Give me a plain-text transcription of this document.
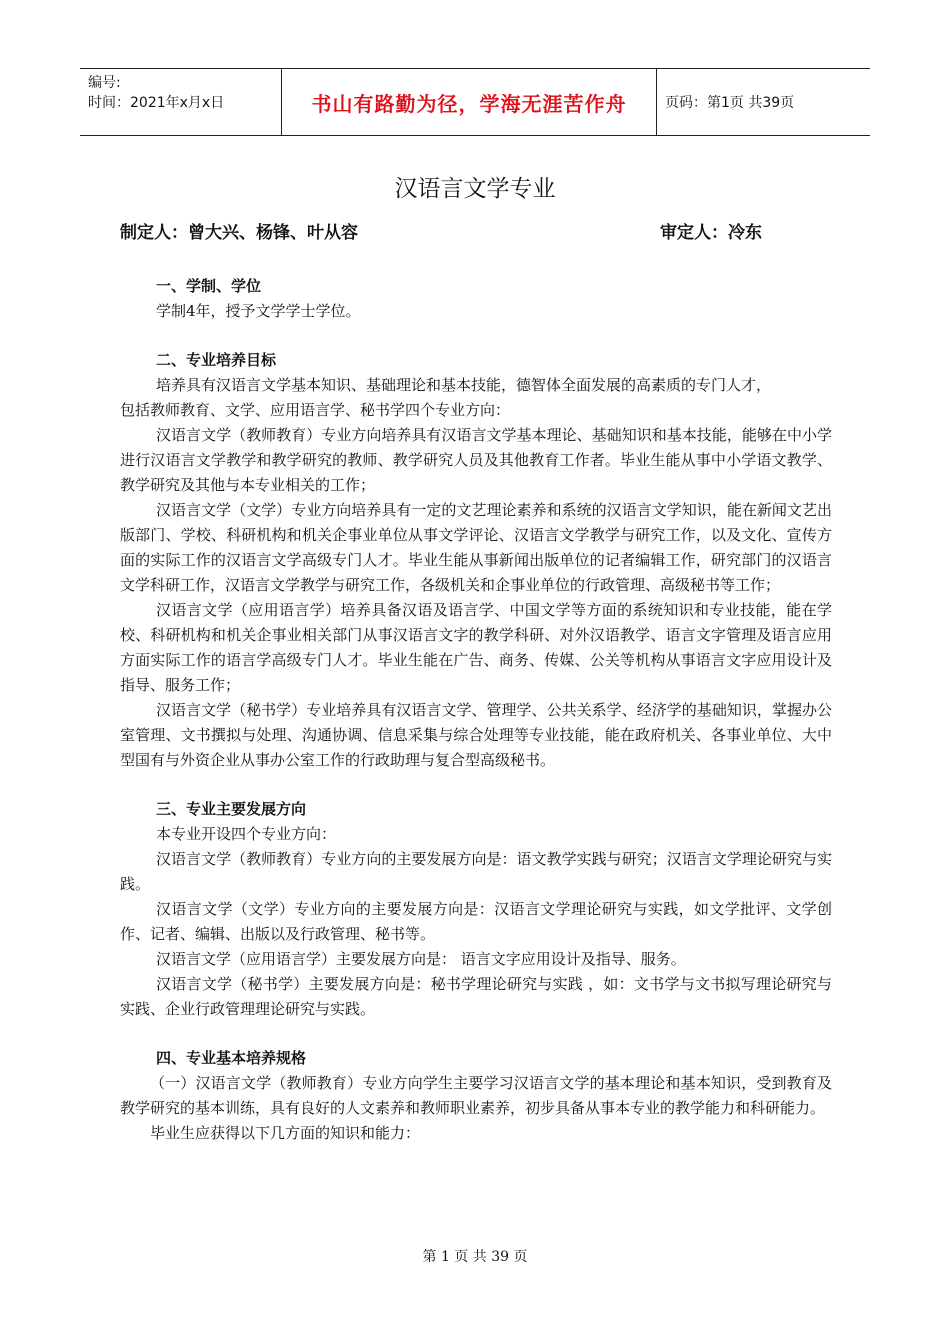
编号:
时间：2021年x月x日	书山有路勤为径，学海无涯苦作舟	页码：第1页 共39页
汉语言文学专业
制定人：曾大兴、杨锋、叶从容	审定人：冷东
一、学制、学位

学制4年，授予文学学士学位。

二、专业培养目标

培养具有汉语言文学基本知识、基础理论和基本技能，德智体全面发展的高素质的专门人才，

包括教师教育、文学、应用语言学、秘书学四个专业方向：

汉语言文学（教师教育）专业方向培养具有汉语言文学基本理论、基础知识和基本技能，能够在中小学进行汉语言文学教学和教学研究的教师、教学研究人员及其他教育工作者。毕业生能从事中小学语文教学、教学研究及其他与本专业相关的工作；

汉语言文学（文学）专业方向培养具有一定的文艺理论素养和系统的汉语言文学知识，能在新闻文艺出版部门、学校、科研机构和机关企事业单位从事文学评论、汉语言文学教学与研究工作，以及文化、宣传方面的实际工作的汉语言文学高级专门人才。毕业生能从事新闻出版单位的记者编辑工作，研究部门的汉语言文学科研工作，汉语言文学教学与研究工作，各级机关和企事业单位的行政管理、高级秘书等工作；

汉语言文学（应用语言学）培养具备汉语及语言学、中国文学等方面的系统知识和专业技能，能在学校、科研机构和机关企事业相关部门从事汉语言文字的教学科研、对外汉语教学、语言文字管理及语言应用方面实际工作的语言学高级专门人才。毕业生能在广告、商务、传媒、公关等机构从事语言文字应用设计及指导、服务工作；

汉语言文学（秘书学）专业培养具有汉语言文学、管理学、公共关系学、经济学的基础知识，掌握办公室管理、文书撰拟与处理、沟通协调、信息采集与综合处理等专业技能，能在政府机关、各事业单位、大中型国有与外资企业从事办公室工作的行政助理与复合型高级秘书。

三、专业主要发展方向

本专业开设四个专业方向：

汉语言文学（教师教育）专业方向的主要发展方向是：语文教学实践与研究；汉语言文学理论研究与实践。

汉语言文学（文学）专业方向的主要发展方向是：汉语言文学理论研究与实践，如文学批评、文学创作、记者、编辑、出版以及行政管理、秘书等。

汉语言文学（应用语言学）主要发展方向是： 语言文字应用设计及指导、服务。

汉语言文学（秘书学）主要发展方向是：秘书学理论研究与实践 ，如：文书学与文书拟写理论研究与实践、企业行政管理理论研究与实践。

四、专业基本培养规格

（一）汉语言文学（教师教育）专业方向学生主要学习汉语言文学的基本理论和基本知识，受到教育及教学研究的基本训练，具有良好的人文素养和教师职业素养，初步具备从事本专业的教学能力和科研能力。

毕业生应获得以下几方面的知识和能力：

第 1 页 共 39 页
